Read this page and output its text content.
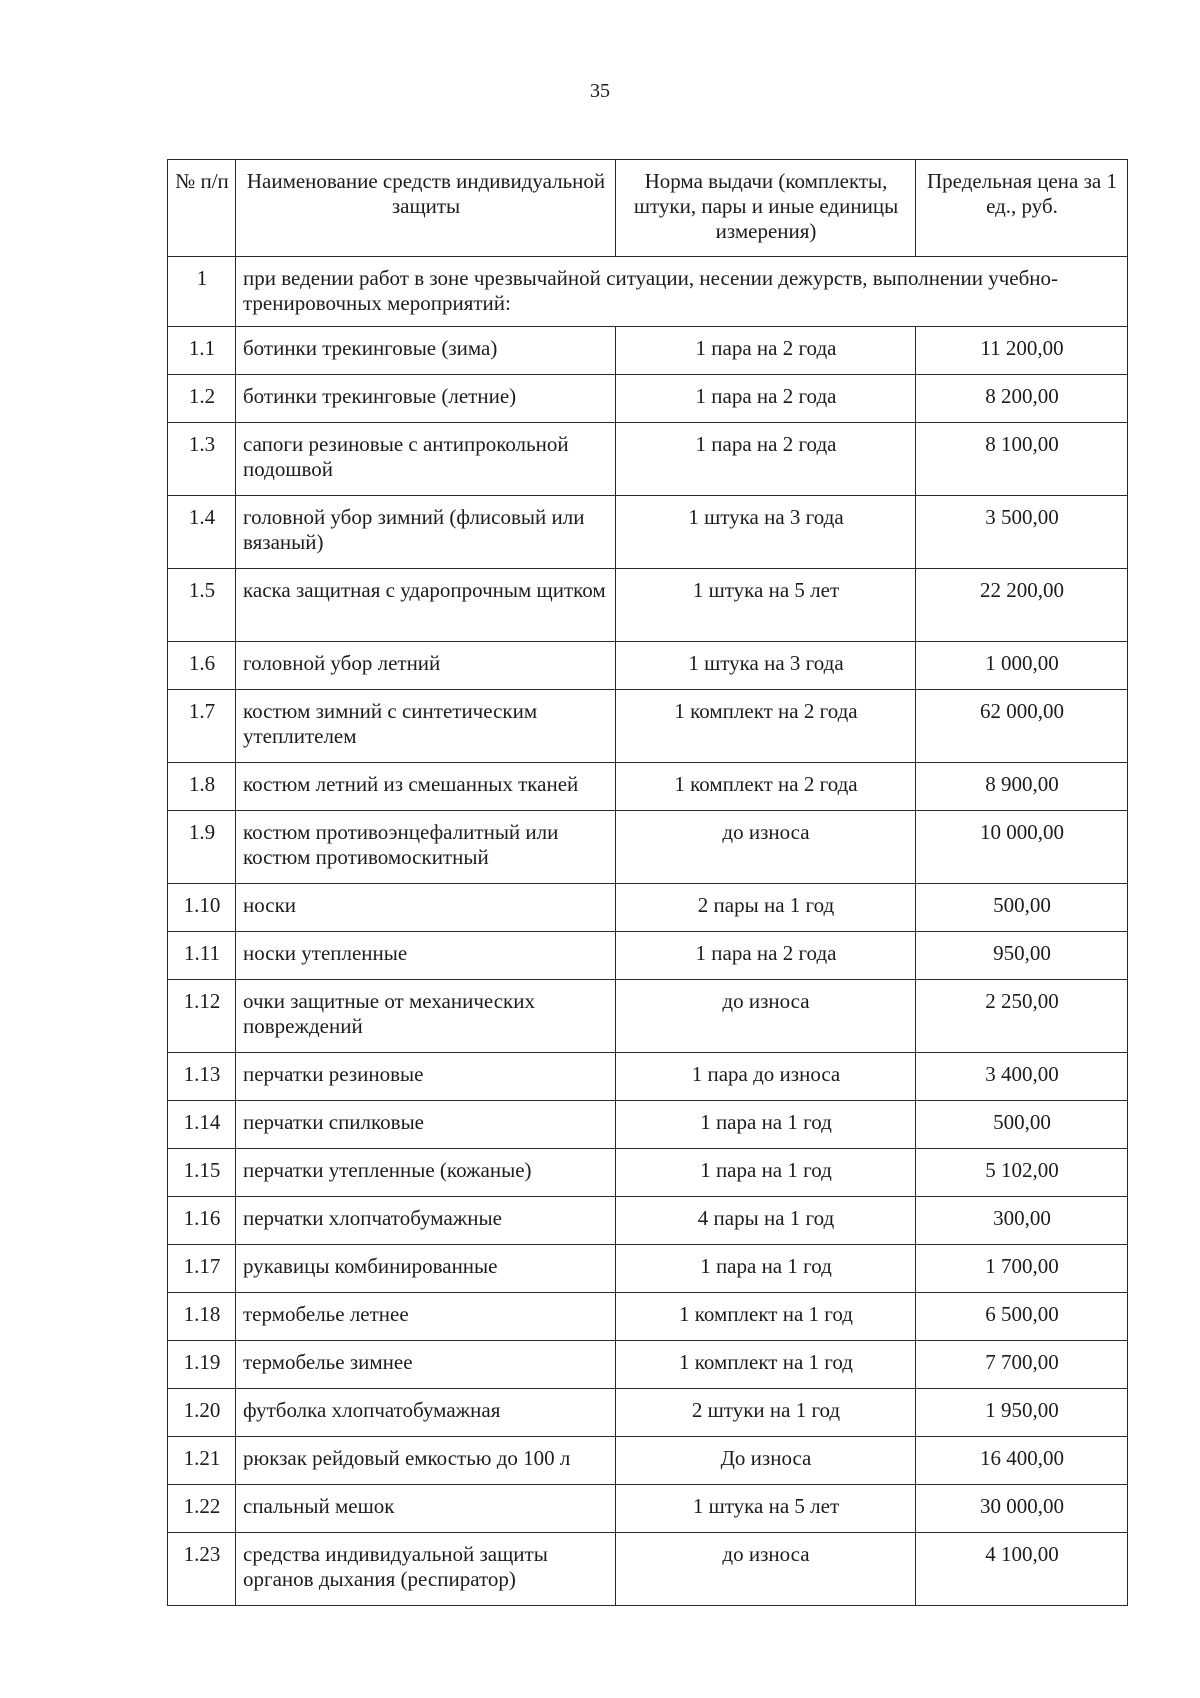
35
№ п/п	Наименование средств индивидуальной защиты	Норма выдачи (комплекты, штуки, пары и иные единицы измерения)	Предельная цена за 1 ед., руб.
1	при ведении работ в зоне чрезвычайной ситуации, несении дежурств, выполнении учебно-тренировочных мероприятий:		
1.1	ботинки трекинговые (зима)	1 пара на 2 года	11 200,00
1.2	ботинки трекинговые (летние)	1 пара на 2 года	8 200,00
1.3	сапоги резиновые с антипрокольной подошвой	1 пара на 2 года	8 100,00
1.4	головной убор зимний (флисовый или вязаный)	1 штука на 3 года	3 500,00
1.5	каска защитная с ударопрочным щитком	1 штука на 5 лет	22 200,00
1.6	головной убор летний	1 штука на 3 года	1 000,00
1.7	костюм зимний с синтетическим утеплителем	1 комплект на 2 года	62 000,00
1.8	костюм летний из смешанных тканей	1 комплект на 2 года	8 900,00
1.9	костюм противоэнцефалитный или костюм противомоскитный	до износа	10 000,00
1.10	носки	2 пары на 1 год	500,00
1.11	носки утепленные	1 пара на 2 года	950,00
1.12	очки защитные от механических повреждений	до износа	2 250,00
1.13	перчатки резиновые	1 пара до износа	3 400,00
1.14	перчатки спилковые	1 пара на 1 год	500,00
1.15	перчатки утепленные (кожаные)	1 пара на 1 год	5 102,00
1.16	перчатки хлопчатобумажные	4 пары на 1 год	300,00
1.17	рукавицы комбинированные	1 пара на 1 год	1 700,00
1.18	термобелье летнее	1 комплект на 1 год	6 500,00
1.19	термобелье зимнее	1 комплект на 1 год	7 700,00
1.20	футболка хлопчатобумажная	2 штуки на 1 год	1 950,00
1.21	рюкзак рейдовый емкостью до 100 л	До износа	16 400,00
1.22	спальный мешок	1 штука на 5 лет	30 000,00
1.23	средства индивидуальной защиты органов дыхания (респиратор)	до износа	4 100,00
